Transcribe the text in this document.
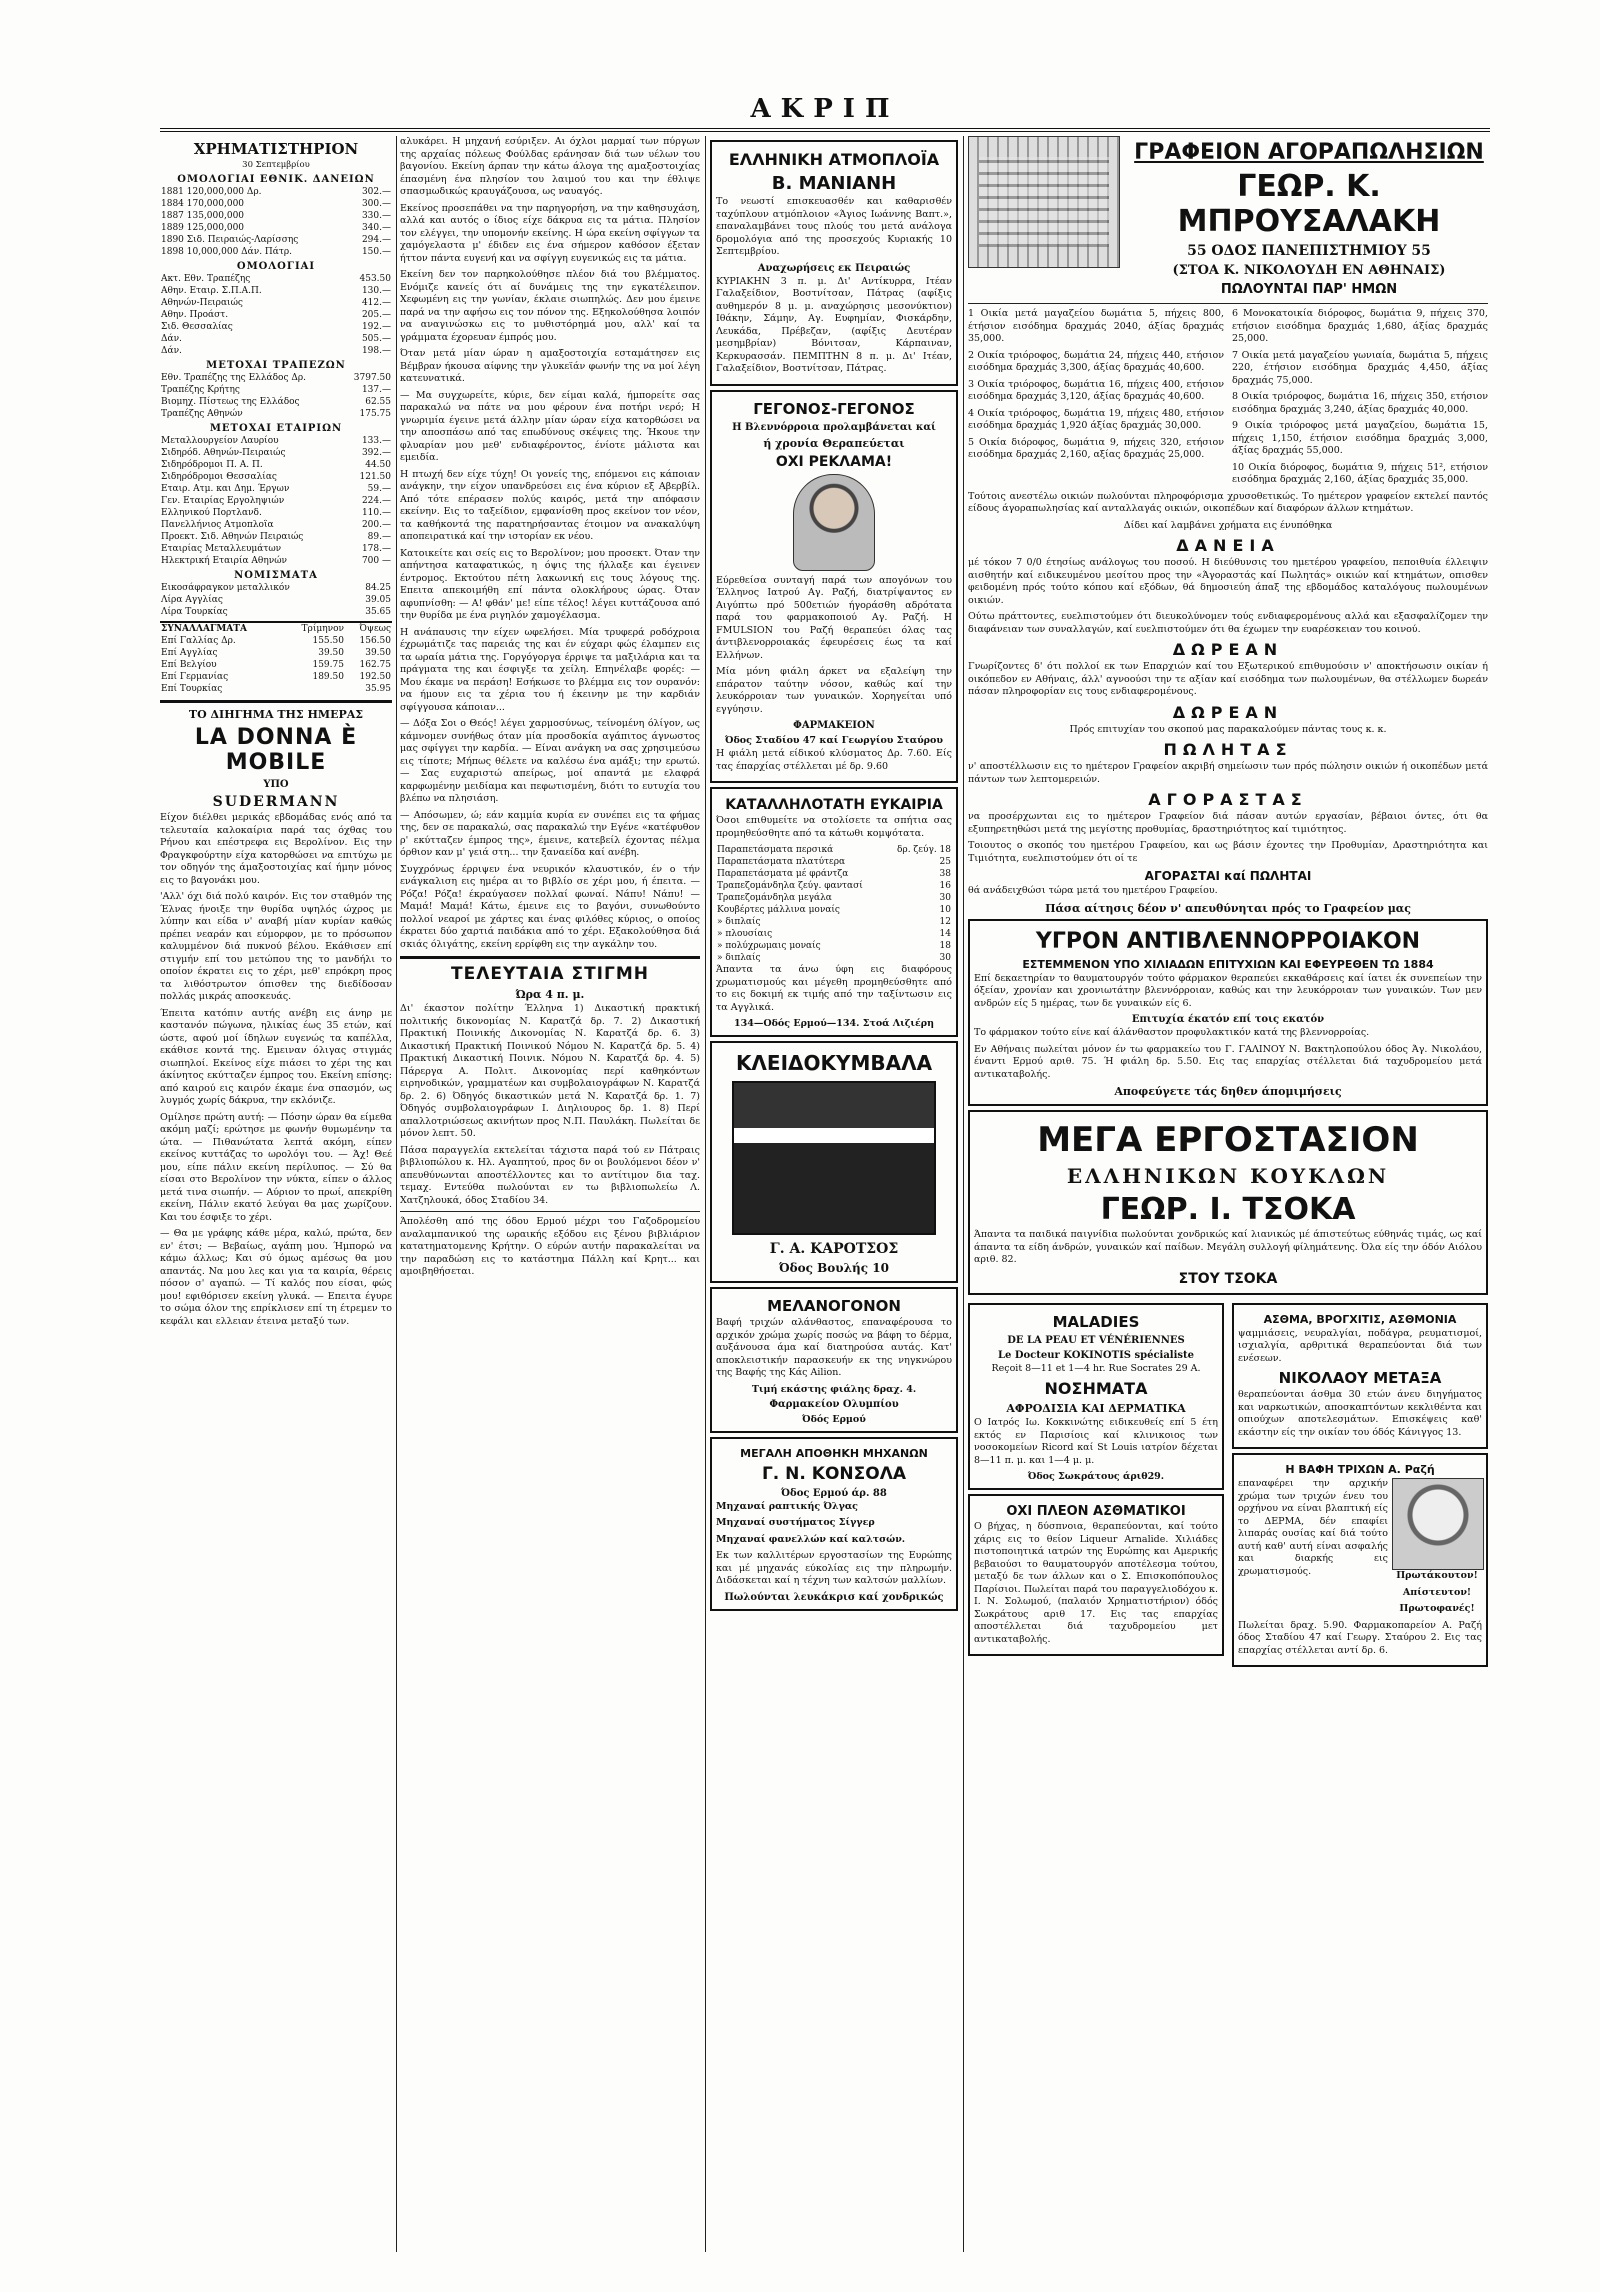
ΑΚΡΙΠ
ΧΡΗΜΑΤΙΣΤΗΡΙΟΝ
30 Σεπτεμβρίου
ΟΜΟΛΟΓΙΑΙ ΕΘΝΙΚ. ΔΑΝΕΙΩΝ
1881 120,000,000 Δρ.	302.—
1884 170,000,000	300.—
1887 135,000,000	330.—
1889 125,000,000	340.—
1890 Σιδ. Πειραιώς-Λαρίσσης	294.—
1898 10,000,000 Δάν. Πάτρ.	150.—
ΟΜΟΛΟΓΙΑΙ
Ακτ. Εθν. Τραπέζης	453.50
Αθην. Εταιρ. Σ.Π.Α.Π.	130.—
Αθηνών-Πειραιώς	412.—
Αθην. Προάστ.	205.—
Σιδ. Θεσσαλίας	192.—
Δάν.	505.—
Δάν.	198.—
ΜΕΤΟΧΑΙ ΤΡΑΠΕΖΩΝ
Εθν. Τραπέζης της Ελλάδος Δρ.	3797.50
Τραπέζης Κρήτης	137.—
Βιομηχ. Πίστεως της Ελλάδος	62.55
Τραπέζης Αθηνών	175.75
ΜΕΤΟΧΑΙ ΕΤΑΙΡΙΩΝ
Μεταλλουργείον Λαυρίου	133.—
Σιδηρόδ. Αθηνών-Πειραιώς	392.—
Σιδηρόδρομοι Π. Α. Π.	44.50
Σιδηρόδρομοι Θεσσαλίας	121.50
Εταιρ. Ατμ. και Δημ. Έργων	59.—
Γεν. Εταιρίας Εργοληψιών	224.—
Ελληνικού Πορτλανδ.	110.—
Πανελλήνιος Ατμοπλοΐα	200.—
Προεκτ. Σιδ. Αθηνών Πειραιώς	89.—
Εταιρίας Μεταλλευμάτων	178.—
Ηλεκτρική Εταιρία Αθηνών	700 —
ΝΟΜΙΣΜΑΤΑ
Εικοσάφραγκον μεταλλικόν	84.25
Λίρα Αγγλίας	39.05
Λίρα Τουρκίας	35.65
ΣΥΝΑΛΛΑΓΜΑΤΑ	Τρίμηνον	Όψεως
Επί Γαλλίας Δρ.	155.50	156.50
Επί Αγγλίας	39.50	39.50
Επί Βελγίου	159.75	162.75
Επί Γερμανίας	189.50	192.50
Επί Τουρκίας		35.95
ΤΟ ΔΙΗΓΗΜΑ ΤΗΣ ΗΜΕΡΑΣ
LA DONNA È MOBILE
ΥΠΟ
SUDERMANN

Είχον διέλθει μερικάς εβδομάδας ενός από τα τελευταία καλοκαίρια παρά τας όχθας του Ρήνου και επέστρεφα εις Βερολίνον. Εις την Φραγκφούρτην είχα κατορθώσει να επιτύχω με τον οδηγόν της άμαξοστοιχίας καί ήμην μόνος εις το βαγονάκι μου.

'Αλλ' όχι διά πολύ καιρόν. Εις τον σταθμόν της Έλνας ήνοιξε την θυρίδα υψηλός ώχρος με λύπην και είδα ν' αναβή μίαν κυρίαν καθώς πρέπει νεαράν και εύμορφον, με το πρόσωπον καλυμμένον διά πυκνού βέλου. Εκάθισεν επί στιγμήν επί του μετώπου της το μανδήλι το οποίον έκρατει εις το χέρι, μεθ' επρόκρη προς τα λιθόστρωτον όπισθεν της διεδίδοσαν πολλάς μικράς αποσκευάς.

Έπειτα κατόπιν αυτής ανέβη εις άνηρ με καστανόν πώγωνα, ηλικίας έως 35 ετών, καί ώστε, αφού μοί ίδηλων ευγενώς τα καπέλλα, εκάθισε κοντά της. Εμειναν όλιγας στιγμάς σιωπηλοί. Εκείνος είχε πιάσει το χέρι της και άκίνητος εκύτταζεν έμπρος του. Εκείνη επίσης: από καιρού εις καιρόν έκαμε ένα σπασμόν, ως λυγμός χωρίς δάκρυα, την εκλόνιζε.

Ομίλησε πρώτη αυτή: — Πόσην ώραν θα είμεθα ακόμη μαζί; ερώτησε με φωνήν θυμωμένην τα ώτα. — Πιθανώτατα λεπτά ακόμη, είπεν εκείνος κυττάζας το ωρολόγι του. — Άχ! Θεέ μου, είπε πάλιν εκείνη περίλυπος. — Σύ θα είσαι στο Βερολίνον την νύκτα, είπεν ο άλλος μετά τινα σιωπήν. — Αύριον το πρωί, απεκρίθη εκείνη, Πάλιν εκατό λεύγαι θα μας χωρίζουν. Και του έσφιξε το χέρι.

— Θα με γράφης κάθε μέρα, καλώ, πρώτα, δεν εν' έτσι; — Βεβαίως, αγάπη μου. Ήμπορώ να κάμω άλλως; Και σύ όμως αμέσως θα μου απαντάς. Να μου λες και για τα καιρία, θέρεις πόσον σ' αγαπώ. — Τί καλός που είσαι, φώς μου! εφιθόρισεν εκείνη γλυκά. — Επειτα έγυρε το σώμα όλον της επρίκλισεν επί τη έτρεμεν το κεφάλι και ελλειαν έτεινα μεταξύ των.

αλυκάρει. Η μηχανή εσύριξεν. Αι όχλοι μαρμαί των πύργων της αρχαίας πόλεως Φούλδας εράνησαν διά των υέλων του βαγονίου. Εκείνη άρπαν την κάτω άλογα της αμαξοστοιχίας έπασμένη ένα πλησίον του λαιμού του και την έθλιψε σπασμωδικώς κραυγάζουσα, ως ναυαγός.

Εκείνος προσεπάθει να την παρηγορήση, να την καθησυχάση, αλλά και αυτός ο ίδιος είχε δάκρυα εις τα μάτια. Πλησίον τον ελέγγει, την υπομονήν εκείνης. Η ώρα εκείνη σφίγγων τα χαμόγελαστα μ' έδιδεν εις ένα σήμερον καθόσον έξεταν ήττον πάντα ευγενή και να σφίγγη ευγενικώς εις τα μάτια.

Εκείνη δεν τον παρηκολούθησε πλέον διά του βλέμματος. Ενόμιζε κανείς ότι αί δυνάμεις της την εγκατέλειπον. Χεφωμένη εις την γωνίαν, έκλαιε σιωπηλώς. Δεν μου έμεινε παρά να την αφήσω εις τον πόνον της. Εξηκολούθησα λοιπόν να αναγινώσκω εις το μυθιστόρημά μου, αλλ' καί τα γράμματα έχορευαν έμπρός μου.

Όταν μετά μίαν ώραν η αμαξοστοιχία εσταμάτησεν εις Βέμβραν ήκουσα αίφνης την γλυκεϊάν φωνήν της να μοί λέγη κατευνατικά.

— Μα συγχωρείτε, κύριε, δεν είμαι καλά, ήμπορείτε σας παρακαλώ να πάτε να μου φέρουν ένα ποτήρι νερό; Η γνωριμία έγεινε μετά άλλην μίαν ώραν είχα κατορθώσει να την αποσπάσω από τας επωδύνους σκέψεις της. Ήκουε την φλυαρίαν μου μεθ' ενδιαφέροντος, ένίοτε μάλιστα και εμειδία.

Η πτωχή δεν είχε τύχη! Οι γονείς της, επόμενοι εις κάποιαν ανάγκην, την είχον υπανδρεύσει εις ένα κύριον εξ Αβερβίλ. Από τότε επέρασεν πολύς καιρός, μετά την απόφασιν εκείνην. Εις το ταξείδιον, εμφανίσθη προς εκείνον τον νέον, τα καθήκοντά της παρατηρήσαντας έτοιμον να ανακαλύψη αποπειρατικά καί την ιστορίαν εκ νέου.

Κατοικείτε και σείς εις το Βερολίνον; μου προσεκτ. Όταν την απήντησα καταφατικώς, η όψις της ήλλαξε και έγεινεν έντρομος. Εκτούτου πέτη λακωνική εις τους λόγους της. Επειτα απεκοιμήθη επί πάντα ολοκλήρους ώρας. Όταν αφυπνίσθη: — Α! φθάν' με! είπε τέλος! λέγει κυττάζουσα από την θυρίδα με ένα ριγηλόν χαμογέλασμα.

Η ανάπαυσις την είχεν ωφελήσει. Μία τρυφερά ροδόχροια έχρωμάτιζε τας παρειάς της και έν εύχαρι φώς έλαμπεν εις τα ωραία μάτια της. Γοργόγοργα έρριψε τα μαξιλάρια και τα πράγματα της και έσφιγξε τα χείλη. Επηνέλαβε φορές: — Μου έκαμε να περάση! Εσήκωσε το βλέμμα εις τον ουρανόν: να ήμουν εις τα χέρια του ή έκεινην με την καρδιάν σφίγγουσα κάποιαν...

— Δόξα Σοι ο Θεός! λέγει χαρμοσύνως, τείνομένη όλίγον, ως κάμνομεν συνήθως όταν μία προσδοκία αγάπιτος άγνωστος μας σφίγγει την καρδία. — Είναι ανάγκη να σας χρησιμεύσω εις τίποτε; Μήπως θέλετε να καλέσω ένα αμάξι; την ερωτώ. — Σας ευχαριστώ απείρως, μοί απαντά με ελαφρά καρφωμένην μειδίαμα και πεφωτισμένη, διότι το ευτυχία του βλέπω να πλησιάση.

— Απόσωμεν, ώ; εάν καμμία κυρία εν συνέπει εις τα φήμας της, δεν σε παρακαλώ, σας παρακαλώ την Εγένε «κατέφυθον ρ' εκύτταζεν έμπρος της», έμεινε, κατεβείλ έχοντας πέλμα όρθιον καν μ' γειά στη... την ξαναείδα καί ανέβη.

Συγχρόνως έρριψεν ένα νευρικόν κλαυστικόν, έν ο τήν ενάγκαλιση εις ημέρα αι το βιβλίο σε χέρι μου, ή έπειτα. — Ρόζα! Ρόζα! έκραύγασεν πολλαί φωναί. Νάπυ! Νάπυ! — Μαμά! Μαμά! Κάτω, έμεινε εις το βαγόνι, συνωθούντο πολλοί νεαροί με χάρτες και ένας φιλόθες κύριος, ο οποίος έκρατει δύο χαρτιά παιδάκια από το χέρι. Εξακολούθησα διά σκιάς όλιγάτης, εκείνη ερρίφθη εις την αγκάλην του.

ΤΕΛΕΥΤΑΙΑ ΣΤΙΓΜΗ
Ώρα 4 π. μ.

Δι' έκαστον πολίτην Έλληνα 1) Δικαστική πρακτική πολιτικής δικονομίας Ν. Καρατζά δρ. 7. 2) Δικαστική Πρακτική Ποινικής Δικονομίας Ν. Καρατζά δρ. 6. 3) Δικαστική Πρακτική Ποινικού Νόμου Ν. Καρατζά δρ. 5. 4) Πρακτική Δικαστική Ποινικ. Νόμου Ν. Καρατζά δρ. 4. 5) Πάρεργα Α. Πολιτ. Δικονομίας περί καθηκόντων ειρηνοδικών, γραμματέων και συμβολαιογράφων Ν. Καρατζά δρ. 2. 6) Όδηγός δικαστικών μετά Ν. Καρατζά δρ. 1. 7) Όδηγός συμβολαιογράφων Ι. Διηλιουρος δρ. 1. 8) Περί απαλλοτριώσεως ακινήτων προς Ν.Π. Παυλάκη. Πωλείται δε μόνον λεπτ. 50.

Πάσα παραγγελία εκτελείται τάχιστα παρά τού εν Πάτραις βιβλιοπώλου κ. Ηλ. Αγαπητού, προς δν οι βουλόμενοι δέον ν' απευθύνωνται αποστέλλοντες και το αντίτιμον δια ταχ. τεμαχ. Εντεύθα πωλούνται εν τω βιβλιοπωλείω Λ. Χατζηλουκά, όδος Σταδίου 34.

Άπολέσθη από της όδου Ερμού μέχρι του Γαζοδρομείου αναλαμπανικού της ωραικής εξόδου εις ξένου βιβλιάριον κατατηματομενης Κρήτην. Ο εύρών αυτήν παρακαλείται να την παραδώση εις το κατάστημα Πάλλη καί Κρητ... και αμοιβηθήσεται.

ΕΛΛΗΝΙΚΗ ΑΤΜΟΠΛΟΪΑ
Β. ΜΑΝΙΑΝΗ

Το νεωστί επισκευασθέν και καθαρισθέν ταχύπλουν ατμόπλοιον «Άγιος Ιωάννης Βαπτ.», επαναλαμβάνει τους πλούς του μετά ανάλογα δρομολόγια από της προσεχούς Κυριακής 10 Σεπτεμβρίου.

Αναχωρήσεις εκ Πειραιώς

ΚΥΡΙΑΚΗΝ 3 π. μ. Δι' Αντίκυρρα, Ιτέαν Γαλαξείδιον, Βοστνίτσαν, Πάτρας (αφίξις αυθημερόν 8 μ. μ. αναχώρησις μεσονύκτιον) Ιθάκην, Σάμην, Αγ. Ευφημίαν, Φισκάρδην, Λευκάδα, Πρέβεζαν, (αφίξις Δευτέραν μεσημβρίαν) Βόνιτσαν, Κάρπαιναν, Κερκυρασσάν. ΠΕΜΠΤΗΝ 8 π. μ. Δι' Ιτέαν, Γαλαξείδιον, Βοστνίτσαν, Πάτρας.

ΓΕΓΟΝΟΣ-ΓΕΓΟΝΟΣ
Η Βλεννόρροια προλαμβάνεται καί
ή χρονία Θεραπεύεται
ΟΧΙ ΡΕΚΛΑΜΑ!

Εύρεθείσα συνταγή παρά των απογόνων του Έλληνος Ιατρού Αγ. Ραζή, διατρίψαντος εν Αιγύπτω πρό 500ετιών ήγοράσθη αδρότατα παρά του φαρμακοποιού Αγ. Ραζή. Η FMULSION του Ραζή θεραπεύει όλας τας άντιβλενορροιακάς έφευρέσεις έως τα καί Ελλήνων.

Μία μόνη φιάλη άρκετ να εξαλείψη την επάρατον ταύτην νόσον, καθώς καί την λευκόρροιαν των γυναικών. Χορηγείται υπό εγγύησιν.

ΦΑΡΜΑΚΕΙΟΝ
Όδος Σταδίου 47 καί Γεωργίου Σταύρου

Η φιάλη μετά είδικού κλύσματος Δρ. 7.60. Είς τας έπαρχίας στέλλεται μέ δρ. 9.60

ΚΑΤΑΛΛΗΛΟΤΑΤΗ ΕΥΚΑΙΡΙΑ

Όσοι επιθυμείτε να στολίσετε τα σπήτια σας προμηθεύσθητε από τα κάτωθι κομψότατα.

Παραπετάσματα περσικά	δρ. ζεύγ. 18
Παραπετάσματα πλατύτερα	25
Παραπετάσματα μέ φράντζα	38
Τραπεζομάνδηλα ζεύγ. φαντασί	16
Τραπεζομάνδηλα μεγάλα	30
Κουβέρτες μάλλινα μοναίς	10
» διπλαίς	12
» πλουσίαις	14
» πολύχρωμαις μοναίς	18
» διπλαίς	30

Άπαντα τα άνω ύφη εις διαφόρους χρωματισμούς και μέγεθη προμηθεύσθητε από το εις δοκιμή εκ τιμής από την ταξίντωσιν εις τα Αγγλικά.

134—Οδός Ερμού—134. Στοά Λιζιέρη
ΚΛΕΙΔΟΚΥΜΒΑΛΑ
Γ. Α. ΚΑΡΟΤΣΟΣ
Όδος Βουλής 10
ΜΕΛΑΝΟΓΟΝΟΝ

Βαφή τριχών αλάνθαστος, επαναφέρουσα το αρχικόν χρώμα χωρίς ποσώς να βάφη το δέρμα, αυξάνουσα άμα καί διατηρούσα αυτάς. Κατ' αποκλειστικήν παρασκευήν εκ της νηγκνώρου της Βαφής της Κάς Ailion.

Τιμή εκάστης φιάλης δραχ. 4.
Φαρμακείον Ολυμπίου
Όδός Ερμού
ΜΕΓΑΛΗ ΑΠΟΘΗΚΗ ΜΗΧΑΝΩΝ
Γ. Ν. ΚΟΝΣΟΛΑ
Όδος Ερμού άρ. 88
Μηχαναί ραπτικής Όλγας
Μηχαναί συστήματος Σίγγερ
Μηχαναί φανελλών καί καλτσών.

Εκ των καλλιτέρων εργοστασίων της Ευρώπης και μέ μηχανάς εύκολίας εις την πληρωμήν. Διδάσκεται καί η τέχνη των καλτσών μαλλίων.

Πωλούνται λευκάκρισ καί χονδρικώς
ΓΡΑΦΕΙΟΝ ΑΓΟΡΑΠΩΛΗΣΙΩΝ
ΓΕΩΡ. Κ. ΜΠΡΟΥΣΑΛΑΚΗ
55 ΟΔΟΣ ΠΑΝΕΠΙΣΤΗΜΙΟΥ 55
(ΣΤΟΑ Κ. ΝΙΚΟΛΟΥΔΗ ΕΝ ΑΘΗΝΑΙΣ)
ΠΩΛΟΥΝΤΑΙ ΠΑΡ' ΗΜΩΝ

1 Οικία μετά μαγαζείου δωμάτια 5, πήχεις 800, έτήσιον εισόδημα δραχμάς 2040, άξίας δραχμάς 35,000.

2 Οικία τριόροφος, δωμάτια 24, πήχεις 440, ετήσιον εισόδημα δραχμάς 3,300, άξίας δραχμάς 40,600.

3 Οικία τριόροφος, δωμάτια 16, πήχεις 400, ετήσιον εισόδημα δραχμάς 3,120, άξίας δραχμάς 40,600.

4 Οικία τριόροφος, δωμάτια 19, πήχεις 480, ετήσιον εισόδημα δραχμάς 1,920 άξίας δραχμάς 30,000.

5 Οικία διόροφος, δωμάτια 9, πήχεις 320, ετήσιον εισόδημα δραχμάς 2,160, αξίας δραχμάς 25,000.

6 Μονοκατοικία διόροφος, δωμάτια 9, πήχεις 370, ετήσιον εισόδημα δραχμάς 1,680, άξίας δραχμάς 25,000.

7 Οικία μετά μαγαζείου γωνιαία, δωμάτια 5, πήχεις 220, έτήσιον εισόδημα δραχμάς 4,450, άξίας δραχμάς 75,000.

8 Οικία τριόροφος, δωμάτια 16, πήχεις 350, ετήσιον εισόδημα δραχμάς 3,240, άξίας δραχμάς 40,000.

9 Οικία τριόροφος μετά μαγαζείου, δωμάτια 15, πήχεις 1,150, έτήσιον εισόδημα δραχμάς 3,000, άξίας δραχμάς 55,000.

10 Οικία διόροφος, δωμάτια 9, πήχεις 51², ετήσιον εισόδημα δραχμάς 2,160, άξίας δραχμάς 35,000.

Τούτοις ανεστέλω οικιών πωλούνται πληροφόρισμα χρυσοθετικώς. Το ημέτερον γραφείον εκτελεί παντός είδους άγοραπωλησίας καί ανταλλαγάς οικιών, οικοπέδων καί διαφόρων άλλων κτημάτων.

Δίδει καί λαμβάνει χρήματα εις ένυπόθηκα

ΔΑΝΕΙΑ

μέ τόκον 7 0/0 έτησίως ανάλογως του ποσού. Η διεύθυνσις του ημετέρου γραφείου, πεποιθυία έλλειψιν αισθητήν καί ειδικευμένου μεσίτου προς την «Άγοραστάς καί Πωλητάς» οικιών καί κτημάτων, οπισθεν φειδομένη πρός τούτο κόπου καί εξόδων, θά δημοσιεύη άπαξ της εβδομάδος καταλόγους πωλουμένων οικιών.

Ούτω πράττοντες, ευελπιστούμεν ότι διευκολύνομεν τούς ενδιαφερομένους αλλά και εξασφαλίζομεν την διαφάνειαν των συναλλαγών, καί ευελπιστούμεν ότι θα έχωμεν την ευαρέσκειαν του κοινού.

ΔΩΡΕΑΝ

Γνωρίζοντες δ' ότι πολλοί εκ των Επαρχιών καί του Εξωτερικού επιθυμούσιν ν' αποκτήσωσιν οικίαν ή οικόπεδον εν Αθήναις, άλλ' αγνοούσι την τε αξίαν καί εισόδημα των πωλουμένων, θα στέλλωμεν δωρεάν πάσαν πληροφορίαν εις τους ενδιαφερομένους.

ΔΩΡΕΑΝ

Πρός επιτυχίαν του σκοπού μας παρακαλούμεν πάντας τους κ. κ.

ΠΩΛΗΤΑΣ

ν' αποστέλλωσιν εις το ημέτερον Γραφείον ακριβή σημείωσιν των πρός πώλησιν οικιών ή οικοπέδων μετά πάντων των λεπτομερειών.

ΑΓΟΡΑΣΤΑΣ

να προσέρχωνται εις το ημέτερον Γραφείον διά πάσαν αυτών εργασίαν, βέβαιοι όντες, ότι θα εξυπηρετηθώσι μετά της μεγίστης προθυμίας, δραστηριότητος καί τιμιότητος.

Τοιουτος ο σκοπός του ημετέρου Γραφείου, και ως βάσιν έχοντες την Προθυμίαν, Δραστηριότητα και Τιμιότητα, ευελπιστούμεν ότι οί τε

ΑΓΟΡΑΣΤΑΙ καί ΠΩΛΗΤΑΙ

θά ανάδειχθώσι τώρα μετά του ημετέρου Γραφείου.

Πάσα αίτησις δέον ν' απευθύνηται πρός το Γραφείον μας
ΥΓΡΟΝ ΑΝΤΙΒΛΕΝΝΟΡΡΟΙΑΚΟΝ
ΕΣΤΕΜΜΕΝΟΝ ΥΠΟ ΧΙΛΙΑΔΩΝ ΕΠΙΤΥΧΙΩΝ ΚΑΙ ΕΦΕΥΡΕΘΕΝ ΤΩ 1884

Επί δεκαετηρίαν το θαυματουργόν τούτο φάρμακον θεραπεύει εκκαθάρσεις καί ίατει έκ συνεπείων την όξείαν, χρονίαν και χρονιωτάτην βλεννόρροιαν, καθώς και την λευκόρροιαν των γυναικών. Των μεν ανδρών είς 5 ημέρας, των δε γυναικών είς 6.

Επιτυχία έκατόν επί τοις εκατόν

Το φάρμακον τούτο είνε καί άλάνθαστον προφυλακτικόν κατά της βλεννορροίας.

Εν Αθήναις πωλείται μόνον έν τω φαρμακείω του Γ. ΓΑΛΙΝΟΥ Ν. Βακτηλοπούλου όδος Άγ. Νικολάου, έναντι Ερμού αριθ. 75. Ή φιάλη δρ. 5.50. Εις τας επαρχίας στέλλεται διά ταχυδρομείου μετά αντικαταβολής.

Αποφεύγετε τάς δηθεν άπομιμήσεις
ΜΕΓΑ ΕΡΓΟΣΤΑΣΙΟΝ
ΕΛΛΗΝΙΚΩΝ ΚΟΥΚΛΩΝ
ΓΕΩΡ. Ι. ΤΣΟΚΑ

Άπαντα τα παιδικά παιγνίδια πωλούνται χονδρικώς καί λιανικώς μέ άπιστεύτως εύθηνάς τιμάς, ως καί άπαντα τα είδη άνδρών, γυναικών καί παίδων. Μεγάλη συλλογή φίλημάτενης. Όλα είς την όδόν Αιόλου αριθ. 82.

ΣΤΟΥ ΤΣΟΚΑ
MALADIES
DE LA PEAU ET VÉNÉRIENNES
Le Docteur KOKINOTIS spécialiste
Reçoit 8—11 et 1—4 hr. Rue Socrates 29 A.
ΝΟΣΗΜΑΤΑ
ΑΦΡΟΔΙΣΙΑ ΚΑΙ ΔΕΡΜΑΤΙΚΑ

Ο Ιατρός Ιω. Κοκκινώτης ειδικευθείς επί 5 έτη εκτός εν Παρισίοις καί κλινικοιος των νοσοκομείων Ricord καί St Louis ιατρίον δέχεται 8—11 π. μ. και 1—4 μ. μ.

Όδος Σωκράτους άριθ29.
ΟΧΙ ΠΛΕΟΝ ΑΣΘΜΑΤΙΚΟΙ

Ο βήχας, η δύσπνοια, θεραπεύονται, καί τούτο χάρις εις το θείον Liqueur Arnalide. Χιλιάδες πιστοποιητικά ιατρών της Ευρώπης και Αμερικής βεβαιούσι το θαυματουργόν αποτέλεσμα τούτου, μεταξύ δε των άλλων και ο Σ. Επισκοπόπουλος Παρίσιοι. Πωλείται παρά του παραγγελιοδόχου κ. Ι. Ν. Σολωμού, (παλαιόν Χρηματιστήριον) όδός Σωκράτους αριθ 17. Εις τας επαρχίας αποστέλλεται διά ταχυδρομείου μετ αντικαταβολής.

ΑΣΘΜΑ, ΒΡΟΓΧΙΤΙΣ, ΑΣΘΜΟΝΙΑ

ψαμμιάσεις, νευραλγίαι, ποδάγρα, ρευματισμοί, ισχιαλγία, αρθριτικά θεραπεύονται διά των ενέσεων.

ΝΙΚΟΛΑΟΥ ΜΕΤΑΞΑ

θεραπεύονται άσθμα 30 ετών άνευ διηγήματος και ναρκωτικών, αποσκαπτόντων κεκλιθέντα και οπιούχων αποτελεσμάτων. Επισκέψεις καθ' εκάστην είς την οικίαν του όδός Κάνιγγος 13.

Η ΒΑΦΗ ΤΡΙΧΩΝ Α. Ραζή

επαναφέρει την αρχικήν χρώμα των τριχών ένευ του ορχήνου να είναι βλαπτική είς το ΔΕΡΜΑ, δέν επαφίει λιπαράς ουσίας καί διά τούτο αυτή καθ' αυτή είναι ασφαλής και διαρκής εις χρωματισμούς.	Πρωτάκουτον!
Απίστευτον!
Πρωτοφανές!

Πωλείται δραχ. 5.90. Φαρμακοπαρείον Α. Ραζή όδος Σταδίου 47 καί Γεωργ. Σταύρου 2. Εις τας επαρχίας στέλλεται αντί δρ. 6.
